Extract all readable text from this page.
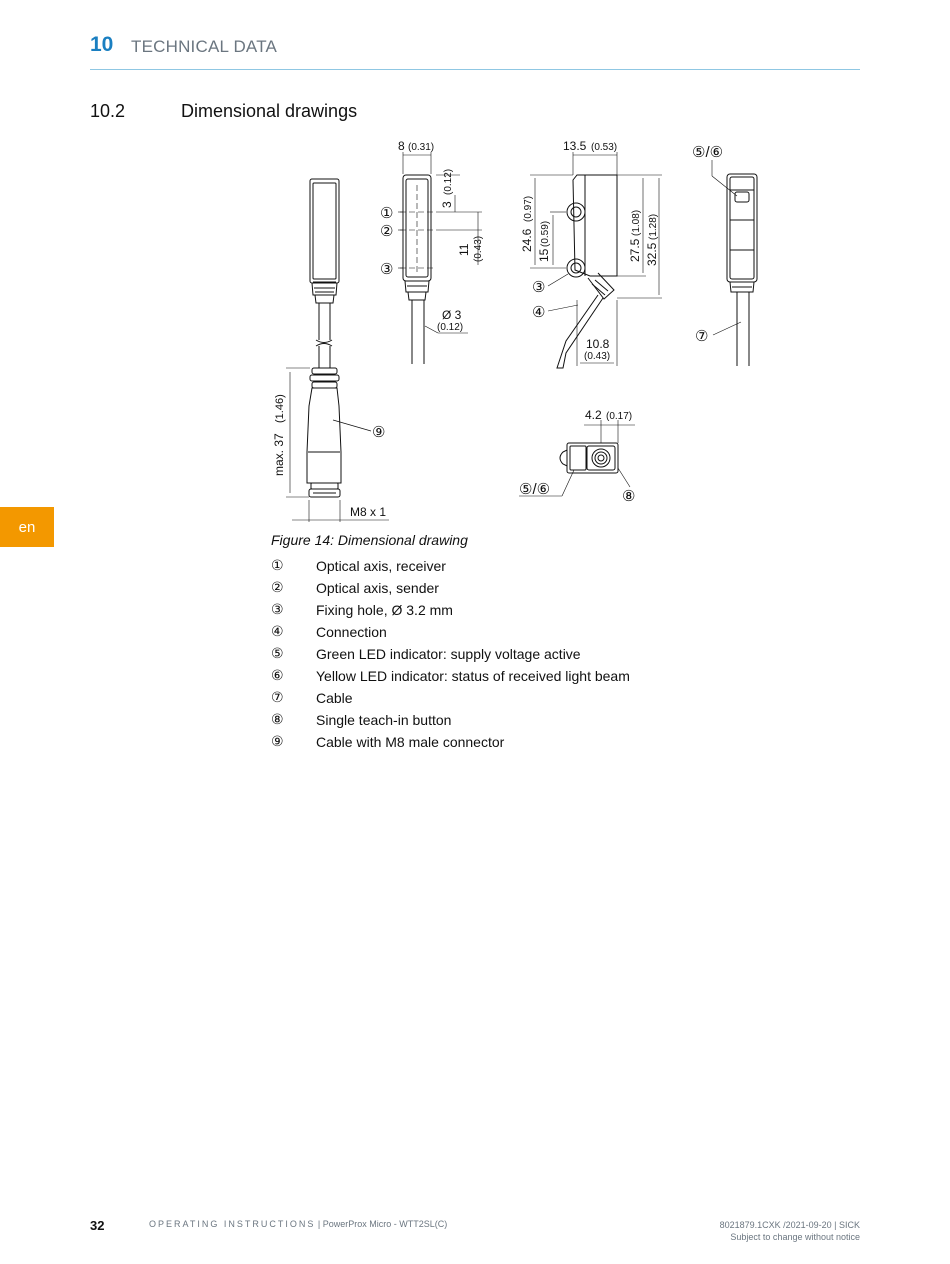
10 TECHNICAL DATA
10.2	Dimensional drawings
en
8 (0.31)
3
(0.12)
11 (0.43)
Ø 3
(0.12)
max. 37
(1.46)
M8 x 1
13.5 (0.53)
24.6
(0.97)
15
(0.59)
27.5
(1.08)
32.5
(1.28)
10.8
(0.43)
4.2 (0.17)
①
②
③
③
④
⑤/⑥
⑦
⑨
⑤/⑥	⑧
Figure 14: Dimensional drawing
① Optical axis, receiver
② Optical axis, sender
③ Fixing hole, Ø 3.2 mm
④ Connection
⑤ Green LED indicator: supply voltage active
⑥ Yellow LED indicator: status of received light beam
⑦ Cable
⑧ Single teach-in button
⑨ Cable with M8 male connector
32	OPERATING INSTRUCTIONS | PowerProx Micro - WTT2SL(C)	8021879.1CXK /2021-09-20 | SICK
Subject to change without notice
